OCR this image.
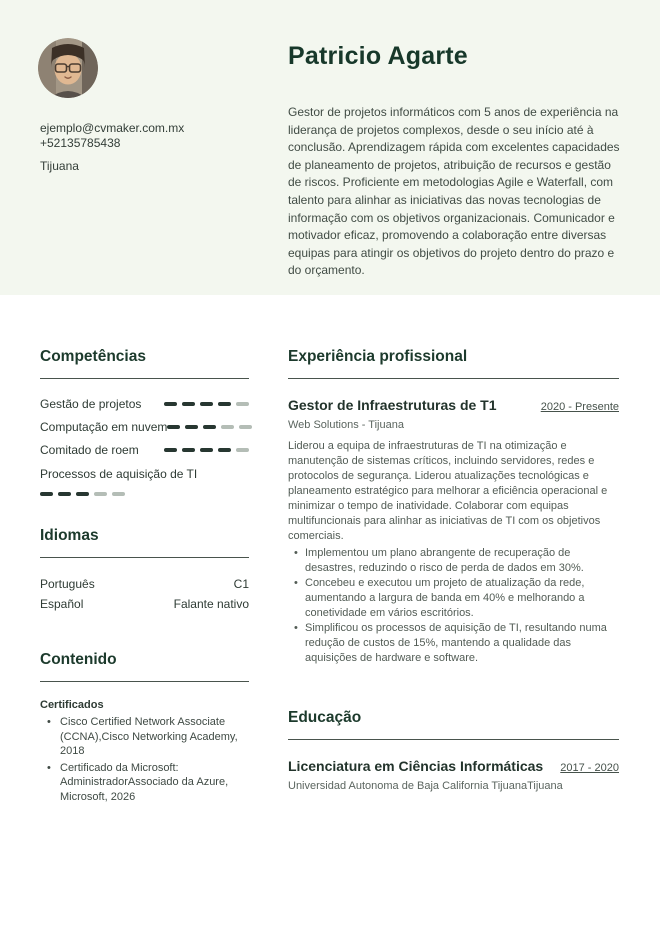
ejemplo@cvmaker.com.mx
+52135785438
Tijuana
Patricio Agarte

Gestor de projetos informáticos com 5 anos de experiência na liderança de projetos complexos, desde o seu início até à conclusão. Aprendizagem rápida com excelentes capacidades de planeamento de projetos, atribuição de recursos e gestão de riscos. Proficiente em metodologias Agile e Waterfall, com talento para alinhar as iniciativas das novas tecnologias de informação com os objetivos organizacionais. Comunicador e motivador eficaz, promovendo a colaboração entre diversas equipas para atingir os objetivos do projeto dentro do prazo e do orçamento.

Competências
Gestão de projetos
Computação em nuvem
Comitado de roem
Processos de aquisição de TI
Idiomas
Português	C1
Español	Falante nativo
Contenido
Certificados
• Cisco Certified Network Associate (CCNA),Cisco Networking Academy, 2018
• Certificado da Microsoft: AdministradorAssociado da Azure, Microsoft, 2026
Experiência profissional
Gestor de Infraestruturas de T1	2020 - Presente
Web Solutions - Tijuana

Liderou a equipa de infraestruturas de TI na otimização e manutenção de sistemas críticos, incluindo servidores, redes e protocolos de segurança. Liderou atualizações tecnológicas e planeamento estratégico para melhorar a eficiência operacional e minimizar o tempo de inatividade. Colaborar com equipas multifuncionais para alinhar as iniciativas de TI com os objetivos comerciais.

• Implementou um plano abrangente de recuperação de desastres, reduzindo o risco de perda de dados em 30%.
• Concebeu e executou um projeto de atualização da rede, aumentando a largura de banda em 40% e melhorando a conetividade em vários escritórios.
• Simplificou os processos de aquisição de TI, resultando numa redução de custos de 15%, mantendo a qualidade das aquisições de hardware e software.
Educação
Licenciatura em Ciências Informáticas 2017 - 2020
Universidad Autonoma de Baja California TijuanaTijuana
